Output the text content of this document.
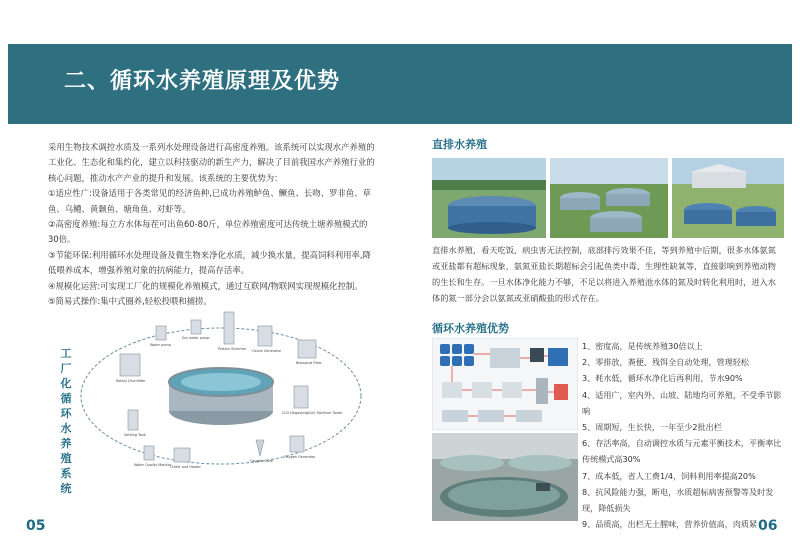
二、循环水养殖原理及优势

采用生物技术调控水质及一系列水处理设备进行高密度养殖。该系统可以实现水产养殖的工业化、生态化和集约化，建立以科技驱动的新生产力，解决了目前我国水产养殖行业的核心问题，推动水产产业的提升和发展。该系统的主要优势为：

①适应性广:设备适用于各类常见的经济鱼种,已成功养殖鲈鱼、鳜鱼、长吻、罗非鱼、草鱼、乌鳢、黄颡鱼、塘角鱼、对虾等。

②高密度养殖:每立方水体每茬可出鱼60-80斤，单位养殖密度可达传统土塘养殖模式的30倍。

③节能环保:利用循环水处理设备及微生物来净化水质，减少换水量，提高饲料利用率,降低喂养成本，增强养殖对象的抗病能力，提高存活率。

④规模化运营:可实现工厂化的规模化养殖模式，通过互联网/物联网实现规模化控制。

⑤简易式操作:集中式圈养,轻松投喂和捕捞。

工厂化循环水养殖系统
Rotary Drumfilter
Water pump
Dry water pump
Protein Skimmer Ozone Generator
Biological Filter
CO2 Degassing&UV Sterilizer Tower
Settling Tank
Water Quality Monitor
Chiller and Heater
Oxygen Cone
Oxygen Generator
直排水养殖
直排水养殖，看天吃饭，病虫害无法控制，底部排污效果不佳，等到养殖中后期，很多水体氨氮或亚盐都有超标现象，氨氮亚盐长期超标会引起鱼类中毒、生理性缺氧等，直接影响到养殖动物的生长和生存。一旦水体净化能力不够，不足以将进入养殖池水体的氮及时转化利用时，进入水体的氮一部分会以氨氮或亚硝酸盐的形式存在。
循环水养殖优势
1、密度高，是传统养殖30倍以上
2、零排放，粪便、残饵全自动处理，管理轻松
3、耗水低，循环水净化后再利用，节水90%
4、适用广，室内外、山坡、陆地均可养殖，不受季节影响
5、周期短，生长快，一年至少2批出栏
6、存活率高，自动调控水质与元素平衡技术，平衡率比传统模式高30%
7、成本低，省人工费1/4，饲料利用率提高20%
8、抗风险能力强，断电，水质超标病害预警等及时发现，降低损失
9、品质高，出栏无土腥味，营养价值高，肉质紧
05	06
